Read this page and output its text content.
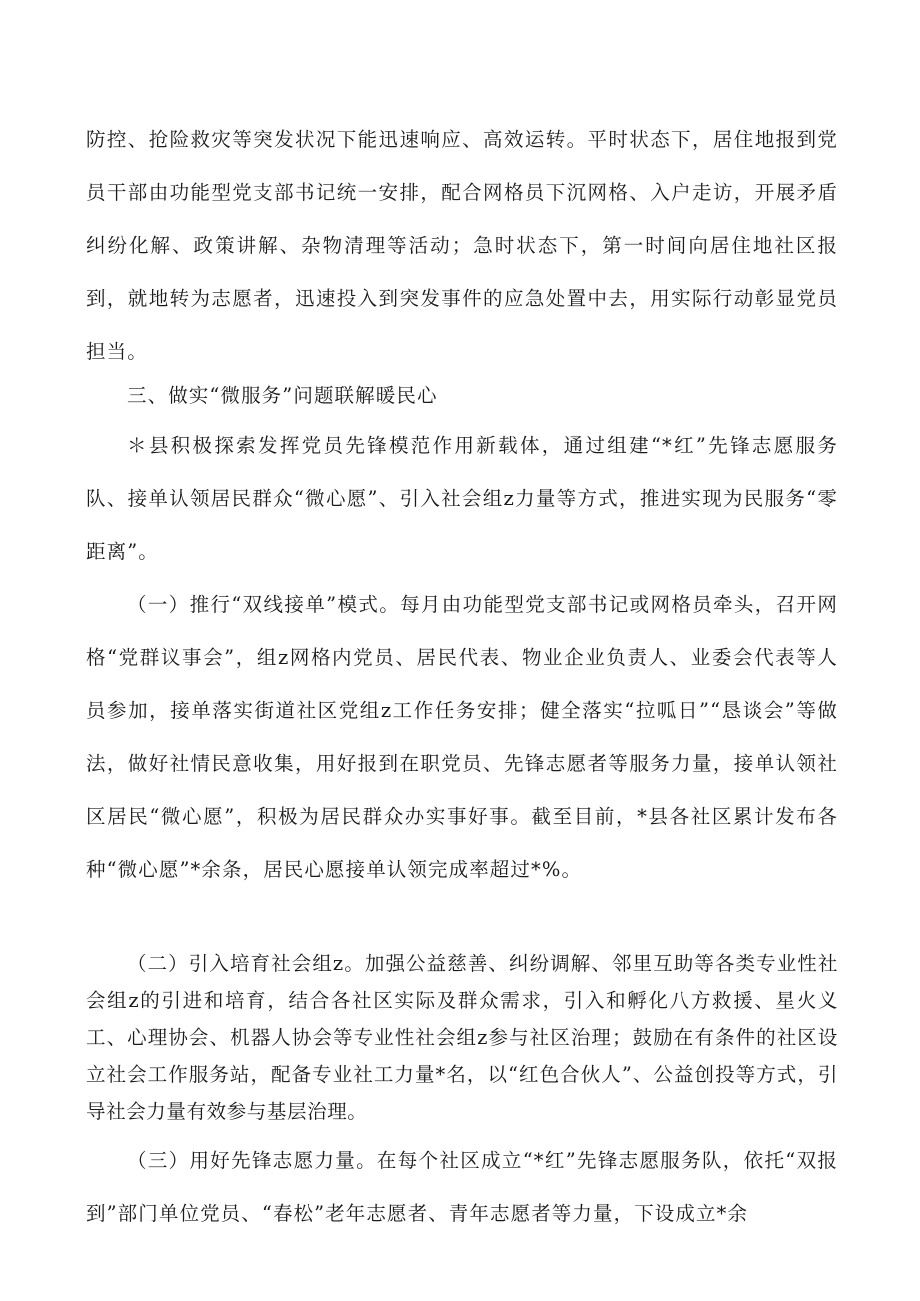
防控、抢险救灾等突发状况下能迅速响应、高效运转。平时状态下，居住地报到党员干部由功能型党支部书记统一安排，配合网格员下沉网格、入户走访，开展矛盾纠纷化解、政策讲解、杂物清理等活动；急时状态下，第一时间向居住地社区报到，就地转为志愿者，迅速投入到突发事件的应急处置中去，用实际行动彰显党员担当。

三、做实“微服务”问题联解暖民心

＊县积极探索发挥党员先锋模范作用新载体，通过组建“*红”先锋志愿服务队、接单认领居民群众“微心愿”、引入社会组z力量等方式，推进实现为民服务“零距离”。

（一）推行“双线接单”模式。每月由功能型党支部书记或网格员牵头，召开网格“党群议事会”，组z网格内党员、居民代表、物业企业负责人、业委会代表等人员参加，接单落实街道社区党组z工作任务安排；健全落实“拉呱日”“恳谈会”等做法，做好社情民意收集，用好报到在职党员、先锋志愿者等服务力量，接单认领社区居民“微心愿”，积极为居民群众办实事好事。截至目前，*县各社区累计发布各种“微心愿”*余条，居民心愿接单认领完成率超过*%。

（二）引入培育社会组z。加强公益慈善、纠纷调解、邻里互助等各类专业性社会组z的引进和培育，结合各社区实际及群众需求，引入和孵化八方救援、星火义工、心理协会、机器人协会等专业性社会组z参与社区治理；鼓励在有条件的社区设立社会工作服务站，配备专业社工力量*名，以“红色合伙人”、公益创投等方式，引导社会力量有效参与基层治理。

（三）用好先锋志愿力量。在每个社区成立“*红”先锋志愿服务队，依托“双报到”部门单位党员、“春松”老年志愿者、青年志愿者等力量，下设成立*余
